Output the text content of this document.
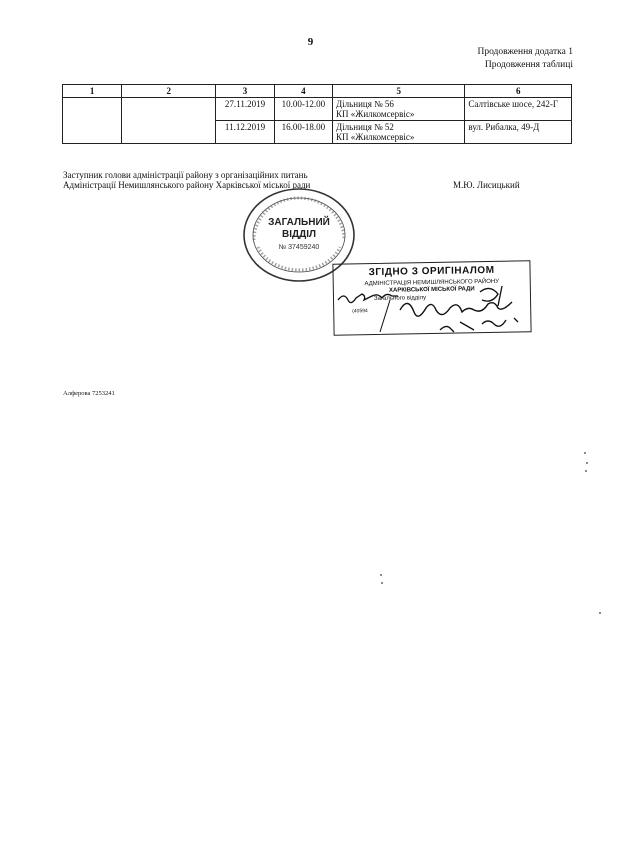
9
Продовження додатка 1
Продовження таблиці
1	2	3	4	5	6
		27.11.2019	10.00-12.00	Дільниця № 56
КП «Жилкомсервіс»	Салтівське шосе, 242-Г
		11.12.2019	16.00-18.00	Дільниця № 52
КП «Жилкомсервіс»	вул. Рибалка, 49-Д
Заступник голови адміністрації району з організаційних питань
Адміністрації Немишлянського району Харківської міської ради	М.Ю. Лисицький
ЗАГАЛЬНИЙ
ВІДДІЛ
№ 37459240
ЗГІДНО З ОРИГІНАЛОМ
АДМІНІСТРАЦІЯ НЕМИШЛЯНСЬКОГО РАЙОНУ
ХАРКІВСЬКОЇ МІСЬКОЇ РАДИ
Загального відділу
(40594
Алферова 7253241
